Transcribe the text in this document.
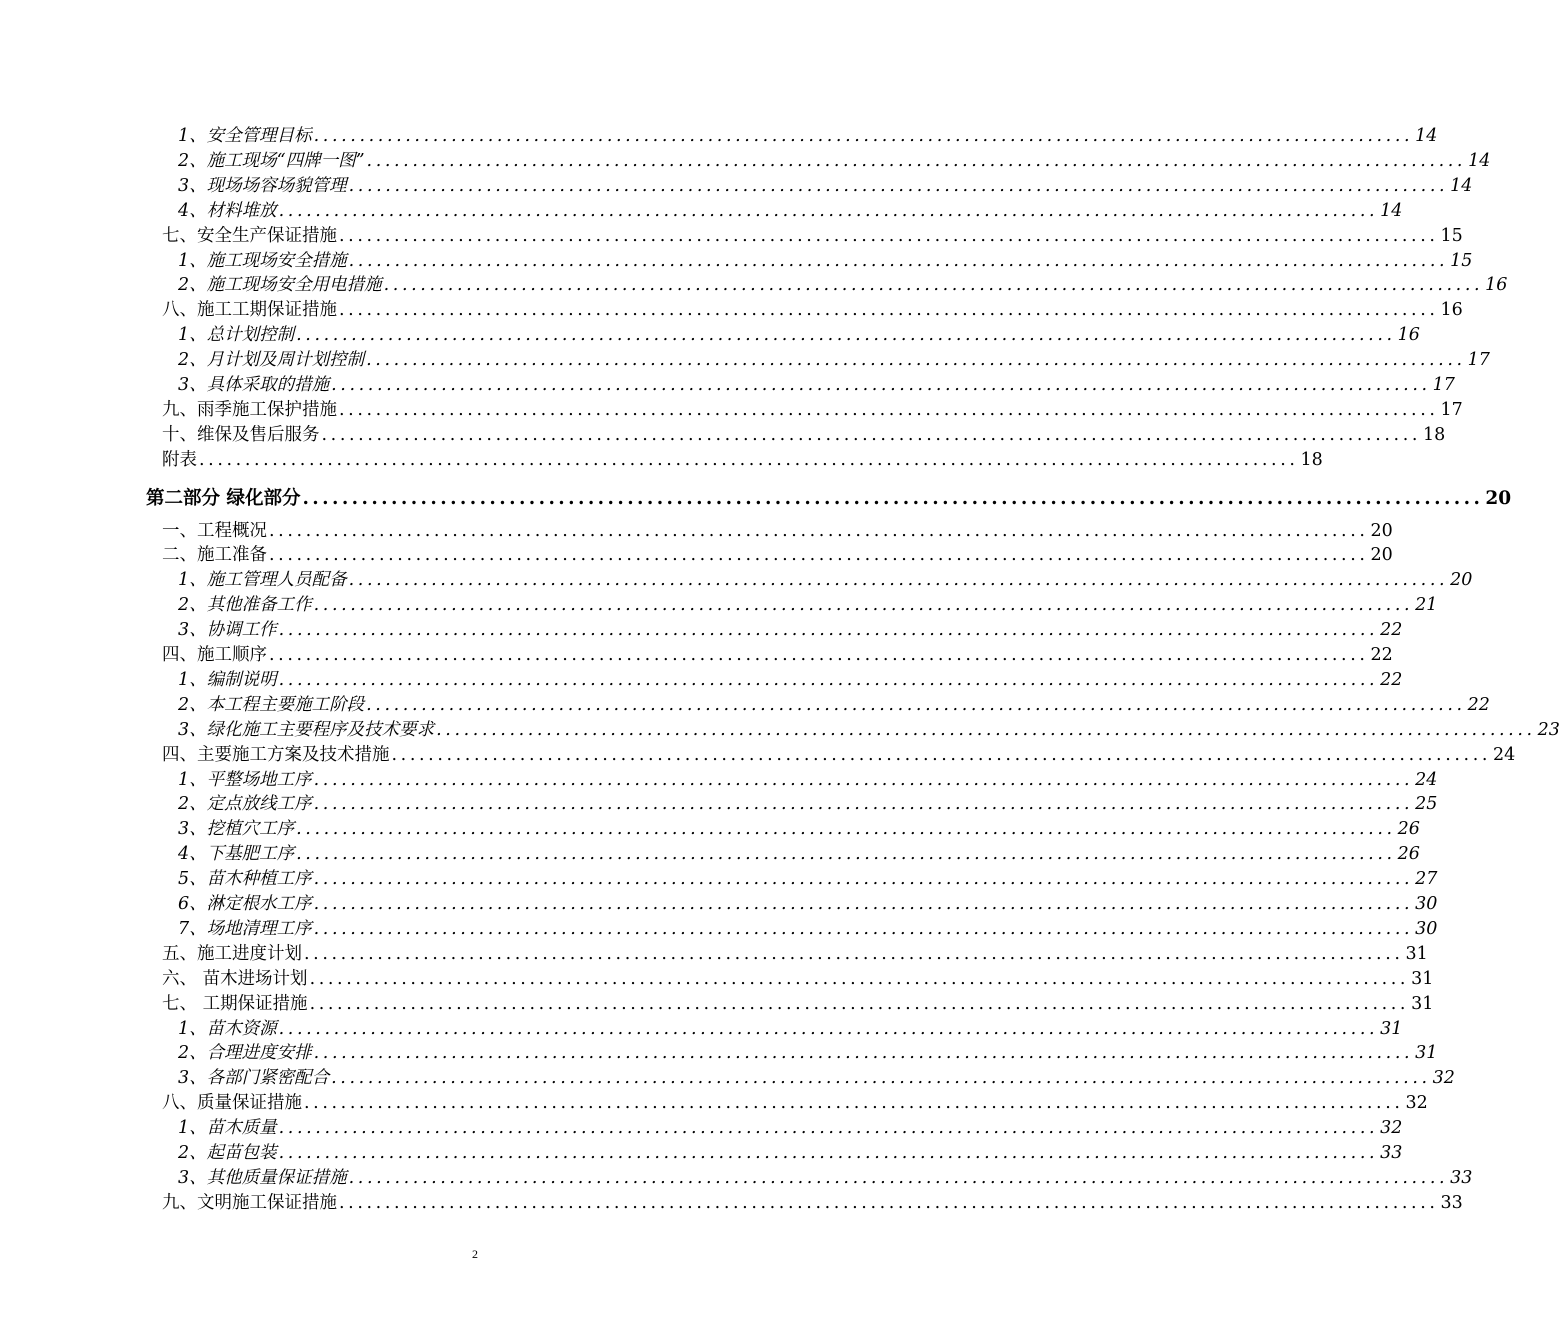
1、安全管理目标 ........................................................................................................................ 14
2、施工现场“四牌一图” ........................................................................................................................ 14
3、现场场容场貌管理 ........................................................................................................................ 14
4、材料堆放 ........................................................................................................................ 14
七、安全生产保证措施 ........................................................................................................................ 15
1、施工现场安全措施 ........................................................................................................................ 15
2、施工现场安全用电措施 ........................................................................................................................ 16
八、施工工期保证措施 ........................................................................................................................ 16
1、总计划控制 ........................................................................................................................ 16
2、月计划及周计划控制 ........................................................................................................................ 17
3、具体采取的措施 ........................................................................................................................ 17
九、雨季施工保护措施 ........................................................................................................................ 17
十、维保及售后服务 ........................................................................................................................ 18
附表 ........................................................................................................................ 18
第二部分 绿化部分 ........................................................................................................................ 20
一、工程概况 ........................................................................................................................ 20
二、施工准备 ........................................................................................................................ 20
1、施工管理人员配备 ........................................................................................................................ 20
2、其他准备工作 ........................................................................................................................ 21
3、协调工作 ........................................................................................................................ 22
四、施工顺序 ........................................................................................................................ 22
1、编制说明 ........................................................................................................................ 22
2、本工程主要施工阶段 ........................................................................................................................ 22
3、绿化施工主要程序及技术要求 ........................................................................................................................ 23
四、主要施工方案及技术措施 ........................................................................................................................ 24
1、平整场地工序 ........................................................................................................................ 24
2、定点放线工序 ........................................................................................................................ 25
3、挖植穴工序 ........................................................................................................................ 26
4、下基肥工序 ........................................................................................................................ 26
5、苗木种植工序 ........................................................................................................................ 27
6、淋定根水工序 ........................................................................................................................ 30
7、场地清理工序 ........................................................................................................................ 30
五、施工进度计划 ........................................................................................................................ 31
六、 苗木进场计划 ........................................................................................................................ 31
七、 工期保证措施 ........................................................................................................................ 31
1、苗木资源 ........................................................................................................................ 31
2、合理进度安排 ........................................................................................................................ 31
3、各部门紧密配合 ........................................................................................................................ 32
八、质量保证措施 ........................................................................................................................ 32
1、苗木质量 ........................................................................................................................ 32
2、起苗包装 ........................................................................................................................ 33
3、其他质量保证措施 ........................................................................................................................ 33
九、文明施工保证措施 ........................................................................................................................ 33
2
